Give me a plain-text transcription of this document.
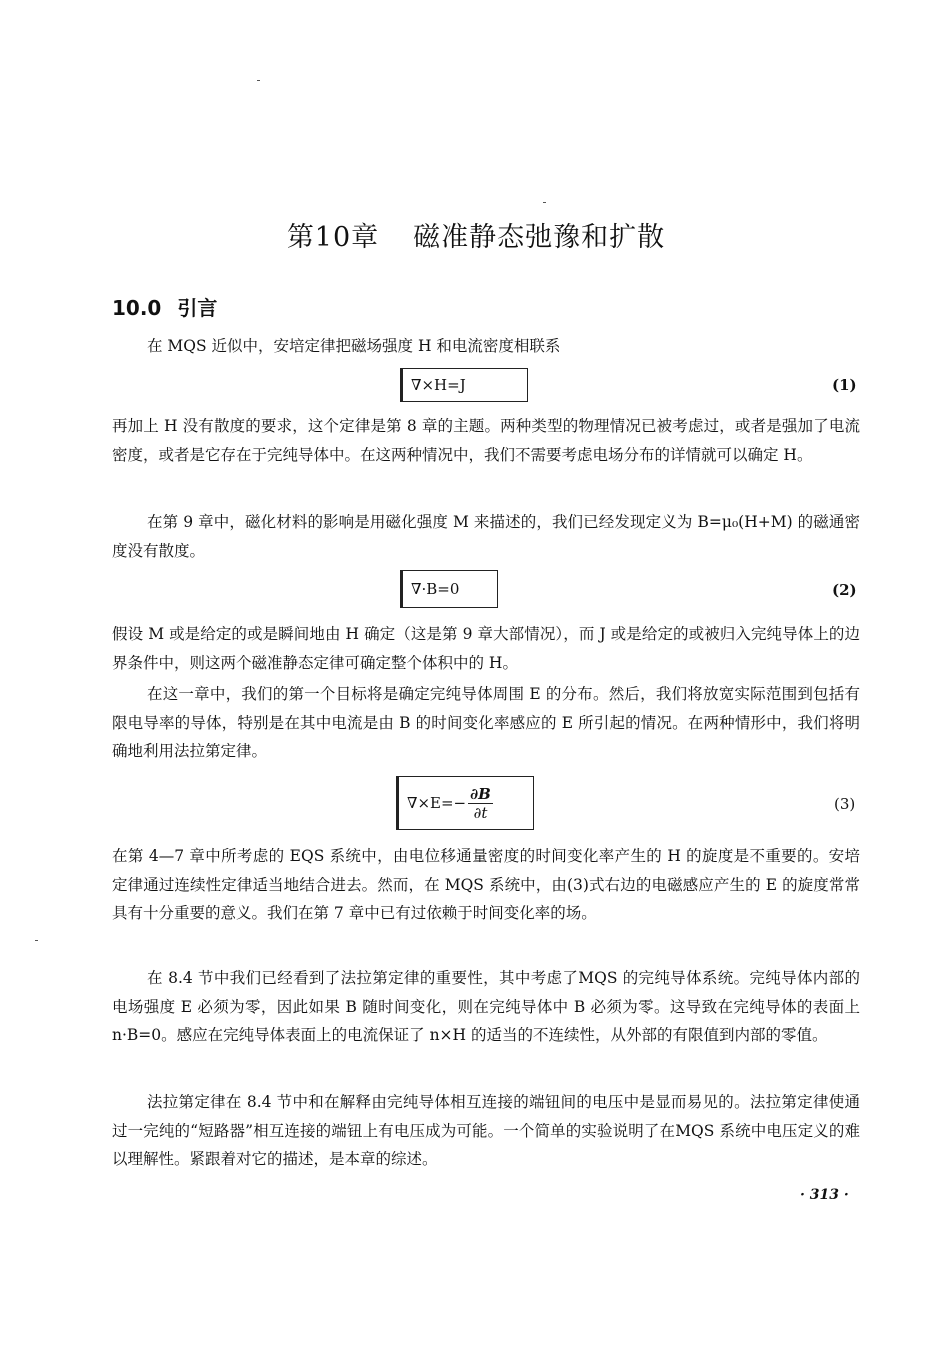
第10章 磁准静态弛豫和扩散
10.0 引言
在 MQS 近似中，安培定律把磁场强度 H 和电流密度相联系
∇×H=J	(1)
再加上 H 没有散度的要求，这个定律是第 8 章的主题。两种类型的物理情况已被考虑过，或者是强加了电流密度，或者是它存在于完纯导体中。在这两种情况中，我们不需要考虑电场分布的详情就可以确定 H。
在第 9 章中，磁化材料的影响是用磁化强度 M 来描述的，我们已经发现定义为 B=μ₀(H+M) 的磁通密度没有散度。
∇·B=0	(2)
假设 M 或是给定的或是瞬间地由 H 确定（这是第 9 章大部情况），而 J 或是给定的或被归入完纯导体上的边界条件中，则这两个磁准静态定律可确定整个体积中的 H。
在这一章中，我们的第一个目标将是确定完纯导体周围 E 的分布。然后，我们将放宽实际范围到包括有限电导率的导体，特别是在其中电流是由 B 的时间变化率感应的 E 所引起的情况。在两种情形中，我们将明确地利用法拉第定律。
$\nabla\times E=- \frac{\partial B}{\partial t}$	(3)
在第 4—7 章中所考虑的 EQS 系统中，由电位移通量密度的时间变化率产生的 H 的旋度是不重要的。安培定律通过连续性定律适当地结合进去。然而，在 MQS 系统中，由(3)式右边的电磁感应产生的 E 的旋度常常具有十分重要的意义。我们在第 7 章中已有过依赖于时间变化率的场。
在 8.4 节中我们已经看到了法拉第定律的重要性，其中考虑了MQS 的完纯导体系统。完纯导体内部的电场强度 E 必须为零，因此如果 B 随时间变化，则在完纯导体中 B 必须为零。这导致在完纯导体的表面上 n·B=0。感应在完纯导体表面上的电流保证了 n×H 的适当的不连续性，从外部的有限值到内部的零值。
法拉第定律在 8.4 节中和在解释由完纯导体相互连接的端钮间的电压中是显而易见的。法拉第定律使通过一完纯的“短路器”相互连接的端钮上有电压成为可能。一个简单的实验说明了在MQS 系统中电压定义的难以理解性。紧跟着对它的描述，是本章的综述。
· 313 ·
